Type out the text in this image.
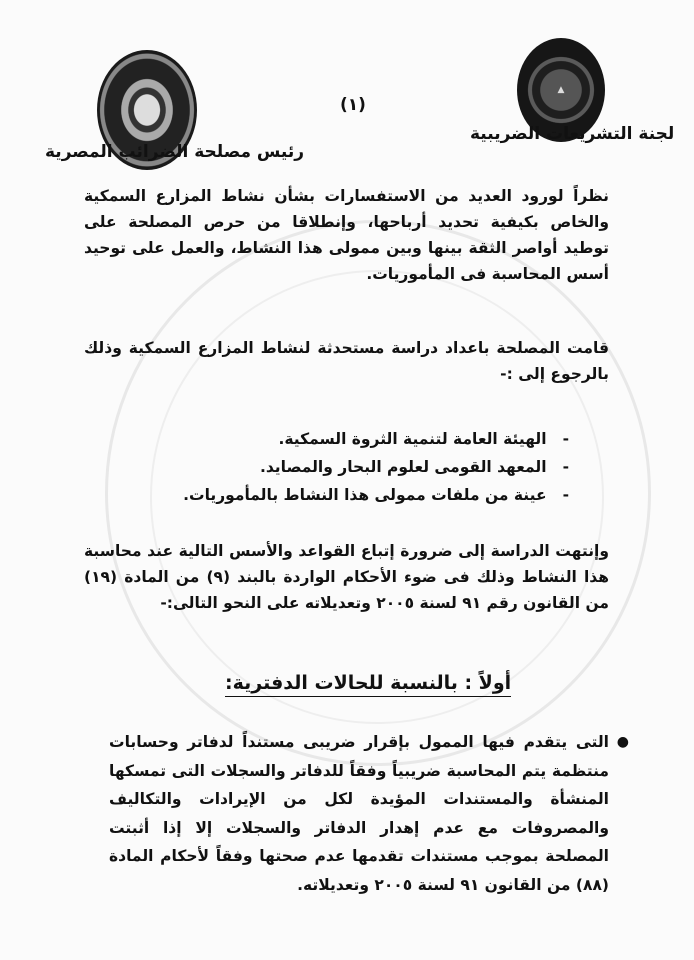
▲
●	(١)
لجنة التشريعات الضريبية
رئيس مصلحة الضرائب المصرية
نظراً لورود العديد من الاستفسارات بشأن نشاط المزارع السمكية والخاص بكيفية تحديد أرباحها، وإنطلاقا من حرص المصلحة على توطيد أواصر الثقة بينها وبين ممولى هذا النشاط، والعمل على توحيد أسس المحاسبة فى المأموريات.
قامت المصلحة باعداد دراسة مستحدثة لنشاط المزارع السمكية وذلك بالرجوع إلى :-
- الهيئة العامة لتنمية الثروة السمكية.
- المعهد القومى لعلوم البحار والمصايد.
- عينة من ملفات ممولى هذا النشاط بالمأموريات.
وإنتهت الدراسة إلى ضرورة إتباع القواعد والأسس التالية عند محاسبة هذا النشاط وذلك فى ضوء الأحكام الواردة بالبند (٩) من المادة (١٩) من القانون رقم ٩١ لسنة ٢٠٠٥ وتعديلاته على النحو التالى:-
أولاً : بالنسبة للحالات الدفترية:
●
التى يتقدم فيها الممول بإقرار ضريبى مستنداً لدفاتر وحسابات منتظمة يتم المحاسبة ضريبياً وفقاً للدفاتر والسجلات التى تمسكها المنشأة والمستندات المؤيدة لكل من الإيرادات والتكاليف والمصروفات مع عدم إهدار الدفاتر والسجلات إلا إذا أثبتت المصلحة بموجب مستندات تقدمها عدم صحتها وفقاً لأحكام المادة (٨٨) من القانون ٩١ لسنة ٢٠٠٥ وتعديلاته.
